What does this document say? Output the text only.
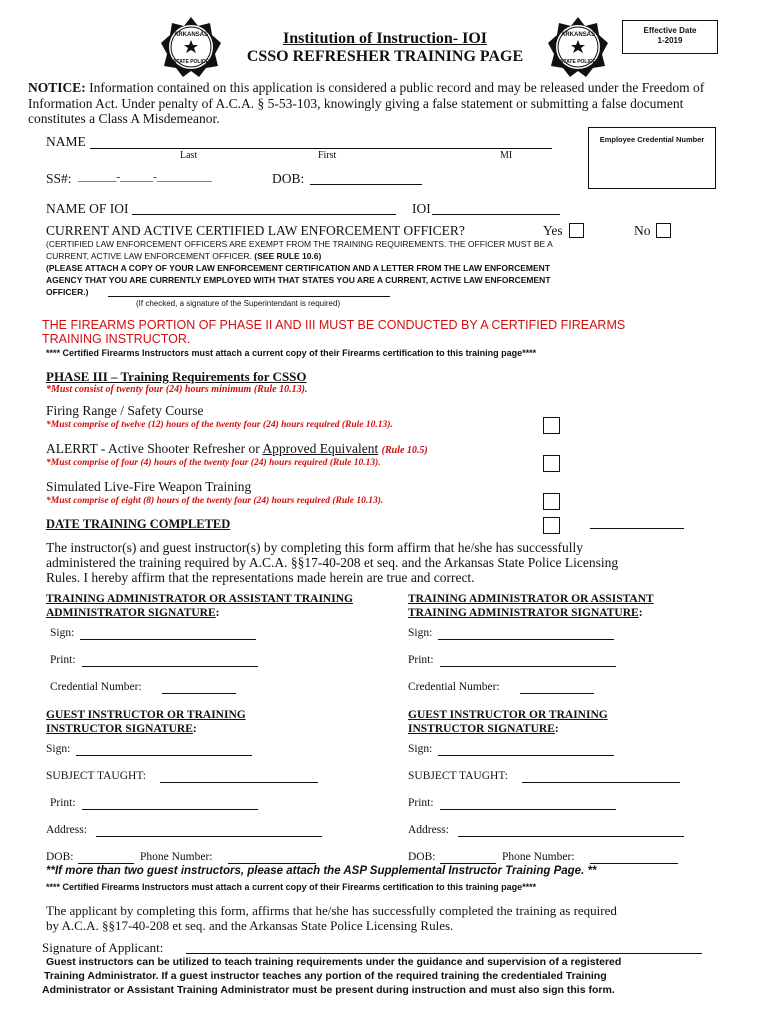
ARKANSAS
STATE POLICE
ARKANSAS
STATE POLICE
Institution of Instruction- IOI
CSSO REFRESHER TRAINING PAGE
Effective Date
1-2019
NOTICE: Information contained on this application is considered a public record and may be released under the Freedom of Information Act. Under penalty of A.C.A. § 5-53-103, knowingly giving a false statement or submitting a false document constitutes a Class A Misdemeanor.
NAME
Last	First	MI
Employee Credential Number
SS#: _______-______-__________	DOB:
NAME OF IOI	IOI
CURRENT AND ACTIVE CERTIFIED LAW ENFORCEMENT OFFICER?	Yes	No
(CERTIFIED LAW ENFORCEMENT OFFICERS ARE EXEMPT FROM THE TRAINING REQUIREMENTS. THE OFFICER MUST BE A
CURRENT, ACTIVE LAW ENFORCEMENT OFFICER. (SEE RULE 10.6)
(PLEASE ATTACH A COPY OF YOUR LAW ENFORCEMENT CERTIFICATION AND A LETTER FROM THE LAW ENFORCEMENT
AGENCY THAT YOU ARE CURRENTLY EMPLOYED WITH THAT STATES YOU ARE A CURRENT, ACTIVE LAW ENFORCEMENT
OFFICER.)
(If checked, a signature of the Superintendant is required)
THE FIREARMS PORTION OF PHASE II AND III MUST BE CONDUCTED BY A CERTIFIED FIREARMS
TRAINING INSTRUCTOR.
**** Certified Firearms Instructors must attach a current copy of their Firearms certification to this training page****
PHASE III – Training Requirements for CSSO
*Must consist of twenty four (24) hours minimum (Rule 10.13).
Firing Range / Safety Course
*Must comprise of twelve (12) hours of the twenty four (24) hours required (Rule 10.13).
ALERRT - Active Shooter Refresher or Approved Equivalent (Rule 10.5)
*Must comprise of four (4) hours of the twenty four (24) hours required (Rule 10.13).
Simulated Live-Fire Weapon Training
*Must comprise of eight (8) hours of the twenty four (24) hours required (Rule 10.13).
DATE TRAINING COMPLETED
The instructor(s) and guest instructor(s) by completing this form affirm that he/she has successfully
administered the training required by A.C.A. §§17-40-208 et seq. and the Arkansas State Police Licensing
Rules. I hereby affirm that the representations made herein are true and correct.
TRAINING ADMINISTRATOR OR ASSISTANT TRAINING
ADMINISTRATOR SIGNATURE:
TRAINING ADMINISTRATOR OR ASSISTANT
TRAINING ADMINISTRATOR SIGNATURE:
Sign:	Sign:
Print:	Print:
Credential Number:	Credential Number:
GUEST INSTRUCTOR OR TRAINING
INSTRUCTOR SIGNATURE:
GUEST INSTRUCTOR OR TRAINING
INSTRUCTOR SIGNATURE:
Sign:	Sign:
SUBJECT TAUGHT:	SUBJECT TAUGHT:
Print:	Print:
Address:	Address:
DOB:	Phone Number:	DOB:	Phone Number:
**If more than two guest instructors, please attach the ASP Supplemental Instructor Training Page. **
**** Certified Firearms Instructors must attach a current copy of their Firearms certification to this training page****
The applicant by completing this form, affirms that he/she has successfully completed the training as required
by A.C.A. §§17-40-208 et seq. and the Arkansas State Police Licensing Rules.
Signature of Applicant:
Guest instructors can be utilized to teach training requirements under the guidance and supervision of a registered
Training Administrator. If a guest instructor teaches any portion of the required training the credentialed Training
Administrator or Assistant Training Administrator must be present during instruction and must also sign this form.
